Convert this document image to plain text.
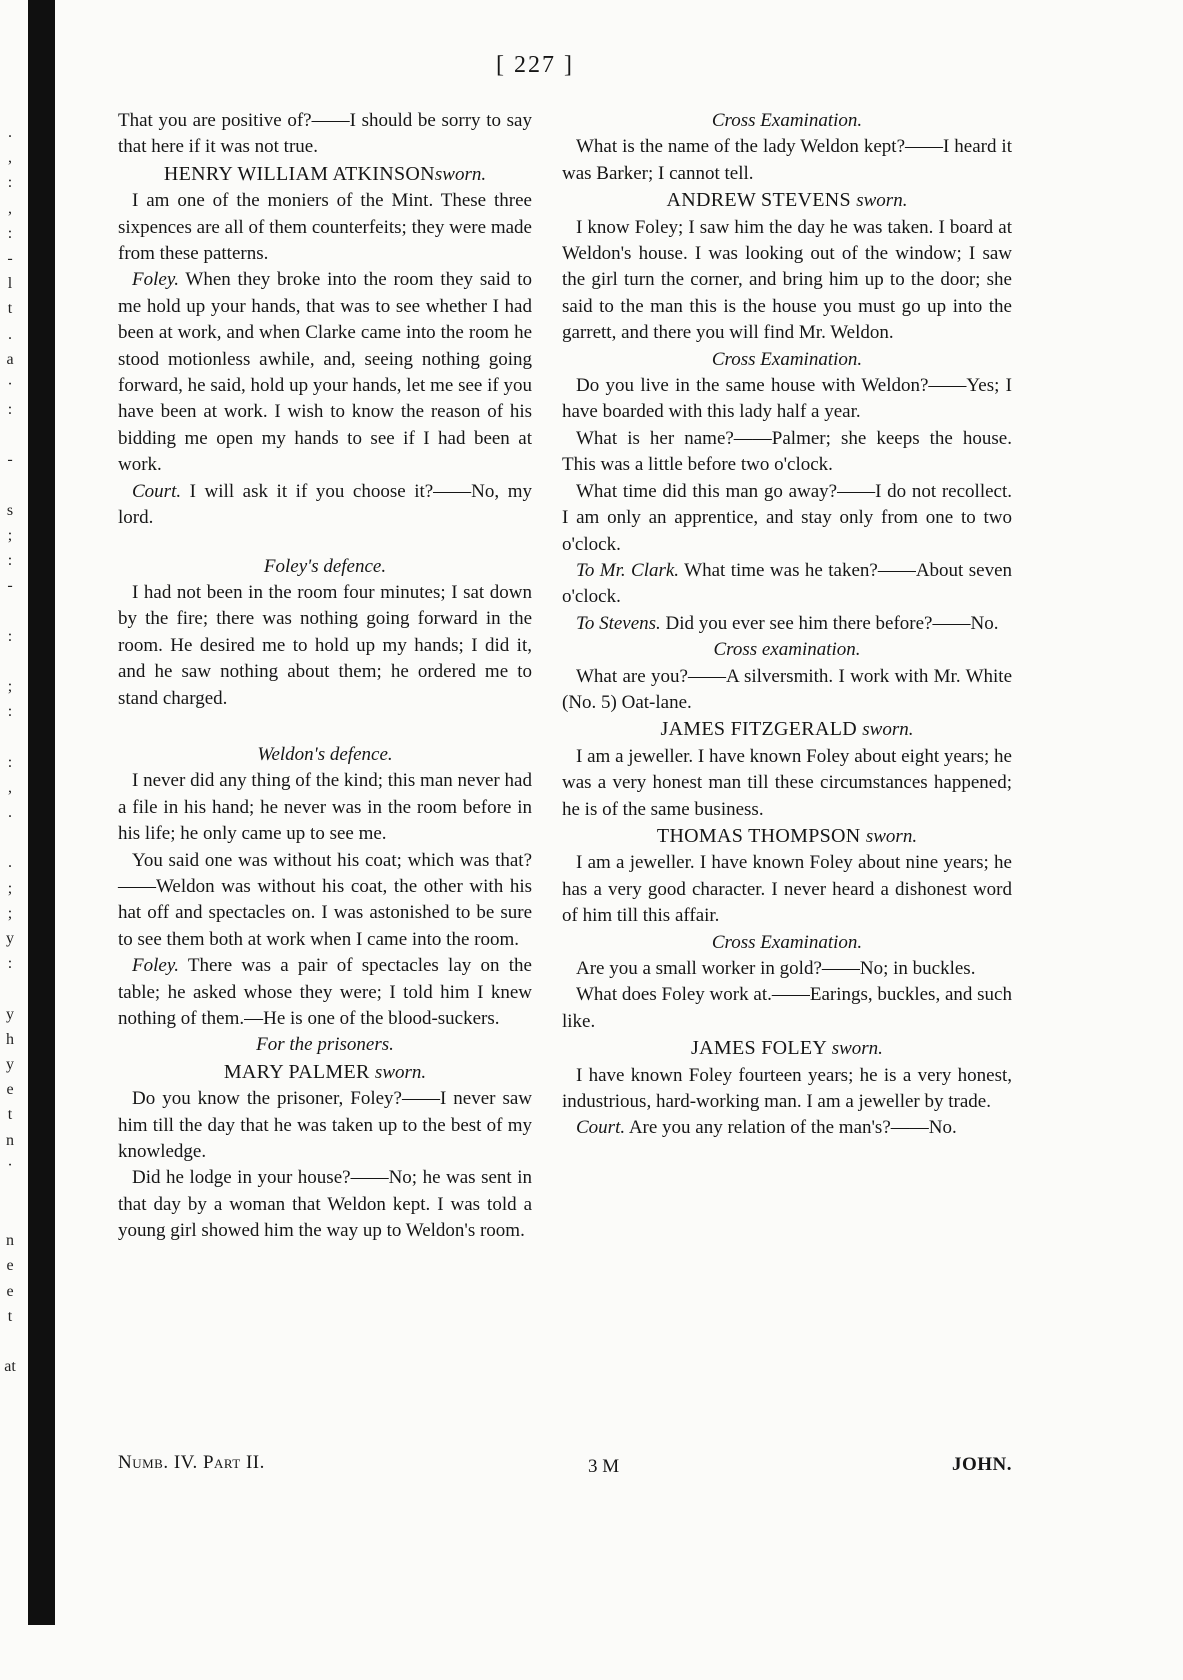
.
,
:
,
:
-
l
t
.
a
·
:
-
s
;
:
-
:
;
:
:
,
.
.
;
;
y
:
y
h
y
e
t
n
·
n
e
e
t
at
[ 227 ]

That you are positive of?——I should be sorry to say that here if it was not true.

HENRY WILLIAM ATKINSONsworn.

I am one of the moniers of the Mint. These three sixpences are all of them counterfeits; they were made from these patterns.

Foley. When they broke into the room they said to me hold up your hands, that was to see whether I had been at work, and when Clarke came into the room he stood motionless awhile, and, seeing nothing going forward, he said, hold up your hands, let me see if you have been at work. I wish to know the reason of his bidding me open my hands to see if I had been at work.

Court. I will ask it if you choose it?——No, my lord.

Foley's defence.

I had not been in the room four minutes; I sat down by the fire; there was nothing going forward in the room. He desired me to hold up my hands; I did it, and he saw nothing about them; he ordered me to stand charged.

Weldon's defence.

I never did any thing of the kind; this man never had a file in his hand; he never was in the room before in his life; he only came up to see me.

You said one was without his coat; which was that?——Weldon was without his coat, the other with his hat off and spectacles on. I was astonished to be sure to see them both at work when I came into the room.

Foley. There was a pair of spectacles lay on the table; he asked whose they were; I told him I knew nothing of them.—He is one of the blood-suckers.

For the prisoners.

MARY PALMER sworn.

Do you know the prisoner, Foley?——I never saw him till the day that he was taken up to the best of my knowledge.

Did he lodge in your house?——No; he was sent in that day by a woman that Weldon kept. I was told a young girl showed him the way up to Weldon's room.

Cross Examination.

What is the name of the lady Weldon kept?——I heard it was Barker; I cannot tell.

ANDREW STEVENS sworn.

I know Foley; I saw him the day he was taken. I board at Weldon's house. I was looking out of the window; I saw the girl turn the corner, and bring him up to the door; she said to the man this is the house you must go up into the garrett, and there you will find Mr. Weldon.

Cross Examination.

Do you live in the same house with Weldon?——Yes; I have boarded with this lady half a year.

What is her name?——Palmer; she keeps the house. This was a little before two o'clock.

What time did this man go away?——I do not recollect. I am only an apprentice, and stay only from one to two o'clock.

To Mr. Clark. What time was he taken?——About seven o'clock.

To Stevens. Did you ever see him there before?——No.

Cross examination.

What are you?——A silversmith. I work with Mr. White (No. 5) Oat-lane.

JAMES FITZGERALD sworn.

I am a jeweller. I have known Foley about eight years; he was a very honest man till these circumstances happened; he is of the same business.

THOMAS THOMPSON sworn.

I am a jeweller. I have known Foley about nine years; he has a very good character. I never heard a dishonest word of him till this affair.

Cross Examination.

Are you a small worker in gold?——No; in buckles.

What does Foley work at.——Earings, buckles, and such like.

JAMES FOLEY sworn.

I have known Foley fourteen years; he is a very honest, industrious, hard-working man. I am a jeweller by trade.

Court. Are you any relation of the man's?——No.

Numb. IV. Part II.	3 M	JOHN.
